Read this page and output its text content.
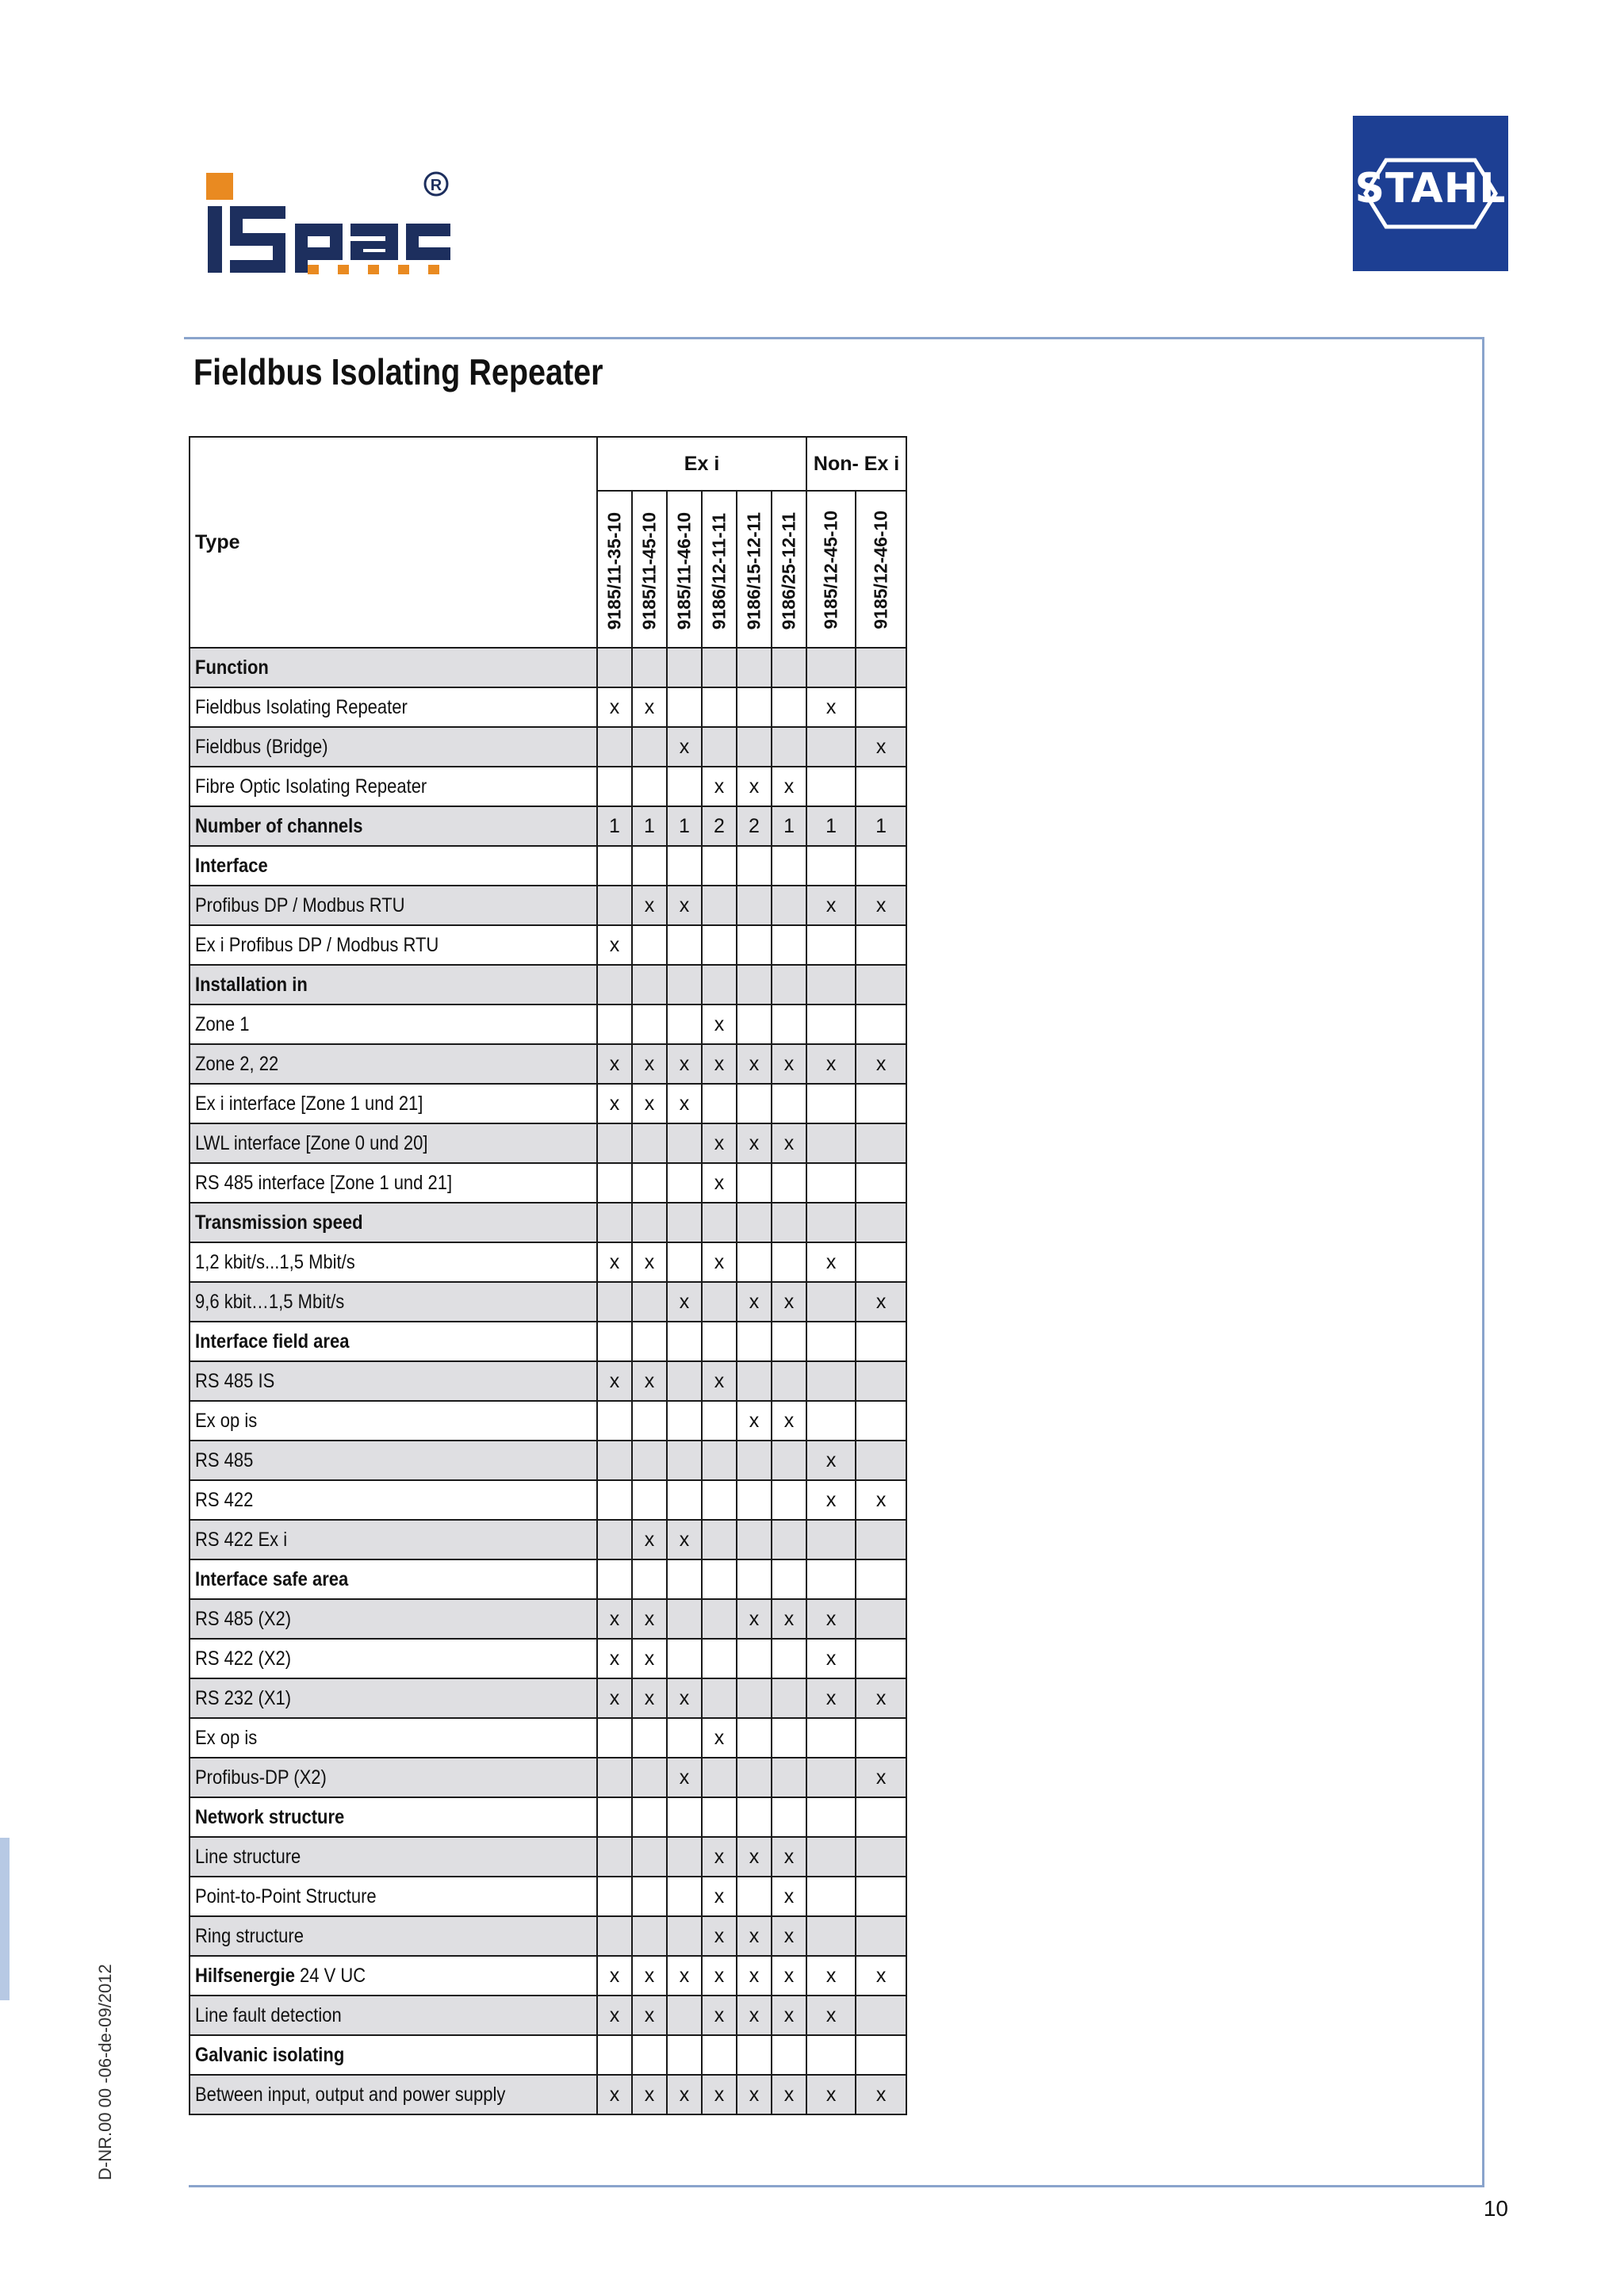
R	STAHL
Fieldbus Isolating Repeater
Type	Ex i						Non- Ex i	

	9185/11-35-10	9185/11-45-10	9185/11-46-10	9186/12-11-11	9186/15-12-11	9186/25-12-11	9185/12-45-10	9185/12-46-10

Function								
Fieldbus Isolating Repeater	x	x					x	
Fieldbus (Bridge)			x					x
Fibre Optic Isolating Repeater				x	x	x		
Number of channels	1	1	1	2	2	1	1	1
Interface								
Profibus DP / Modbus RTU		x	x				x	x
Ex i Profibus DP / Modbus RTU	x							
Installation in								
Zone 1				x				
Zone 2, 22	x	x	x	x	x	x	x	x
Ex i interface [Zone 1 und 21]	x	x	x					
LWL interface [Zone 0 und 20]				x	x	x		
RS 485 interface [Zone 1 und 21]				x				
Transmission speed								
1,2 kbit/s...1,5 Mbit/s	x	x		x			x	
9,6 kbit…1,5 Mbit/s			x		x	x		x
Interface field area								
RS 485 IS	x	x		x				
Ex op is					x	x		
RS 485							x	
RS 422							x	x
RS 422 Ex i		x	x					
Interface safe area								
RS 485 (X2)	x	x			x	x	x	
RS 422 (X2)	x	x					x	
RS 232 (X1)	x	x	x				x	x
Ex op is				x				
Profibus-DP (X2)			x					x
Network structure								
Line structure				x	x	x		
Point-to-Point Structure				x		x		
Ring structure				x	x	x		
Hilfsenergie 24 V UC	x	x	x	x	x	x	x	x
Line fault detection	x	x		x	x	x	x	
Galvanic isolating								
Between input, output and power supply	x	x	x	x	x	x	x	x
D-NR.00 00 -06-de-09/2012
10
